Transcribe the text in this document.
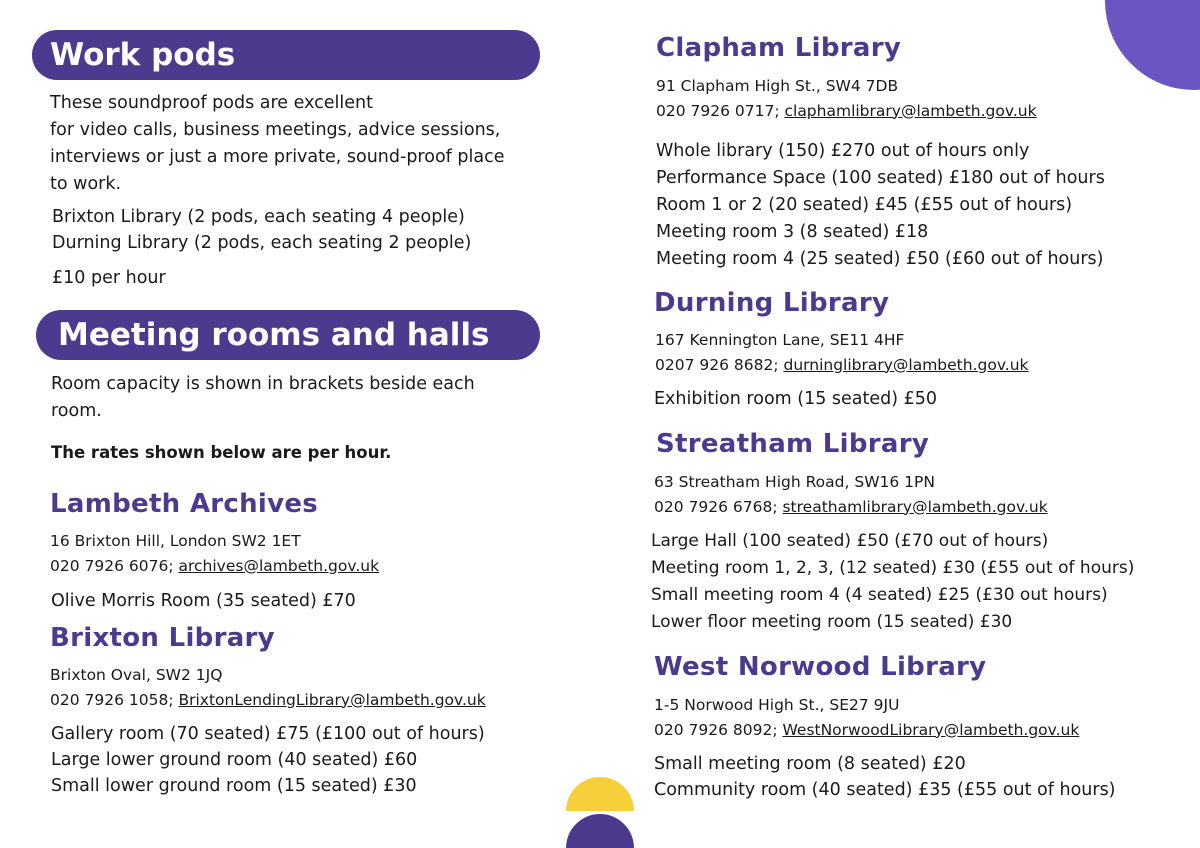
Work pods
These soundproof pods are excellent
for video calls, business meetings, advice sessions,
interviews or just a more private, sound-proof place
to work.
Brixton Library (2 pods, each seating 4 people)
Durning Library (2 pods, each seating 2 people)
£10 per hour
Meeting rooms and halls
Room capacity is shown in brackets beside each
room.
The rates shown below are per hour.
Lambeth Archives
16 Brixton Hill, London SW2 1ET
020 7926 6076; archives@lambeth.gov.uk
Olive Morris Room (35 seated) £70
Brixton Library
Brixton Oval, SW2 1JQ
020 7926 1058; BrixtonLendingLibrary@lambeth.gov.uk
Gallery room (70 seated) £75 (£100 out of hours)
Large lower ground room (40 seated) £60
Small lower ground room (15 seated) £30
Clapham Library
91 Clapham High St., SW4 7DB
020 7926 0717; claphamlibrary@lambeth.gov.uk
Whole library (150) £270 out of hours only
Performance Space (100 seated) £180 out of hours
Room 1 or 2 (20 seated) £45 (£55 out of hours)
Meeting room 3 (8 seated) £18
Meeting room 4 (25 seated) £50 (£60 out of hours)
Durning Library
167 Kennington Lane, SE11 4HF
0207 926 8682; durninglibrary@lambeth.gov.uk
Exhibition room (15 seated) £50
Streatham Library
63 Streatham High Road, SW16 1PN
020 7926 6768; streathamlibrary@lambeth.gov.uk
Large Hall (100 seated) £50 (£70 out of hours)
Meeting room 1, 2, 3, (12 seated) £30 (£55 out of hours)
Small meeting room 4 (4 seated) £25 (£30 out hours)
Lower floor meeting room (15 seated) £30
West Norwood Library
1-5 Norwood High St., SE27 9JU
020 7926 8092; WestNorwoodLibrary@lambeth.gov.uk
Small meeting room (8 seated) £20
Community room (40 seated) £35 (£55 out of hours)
